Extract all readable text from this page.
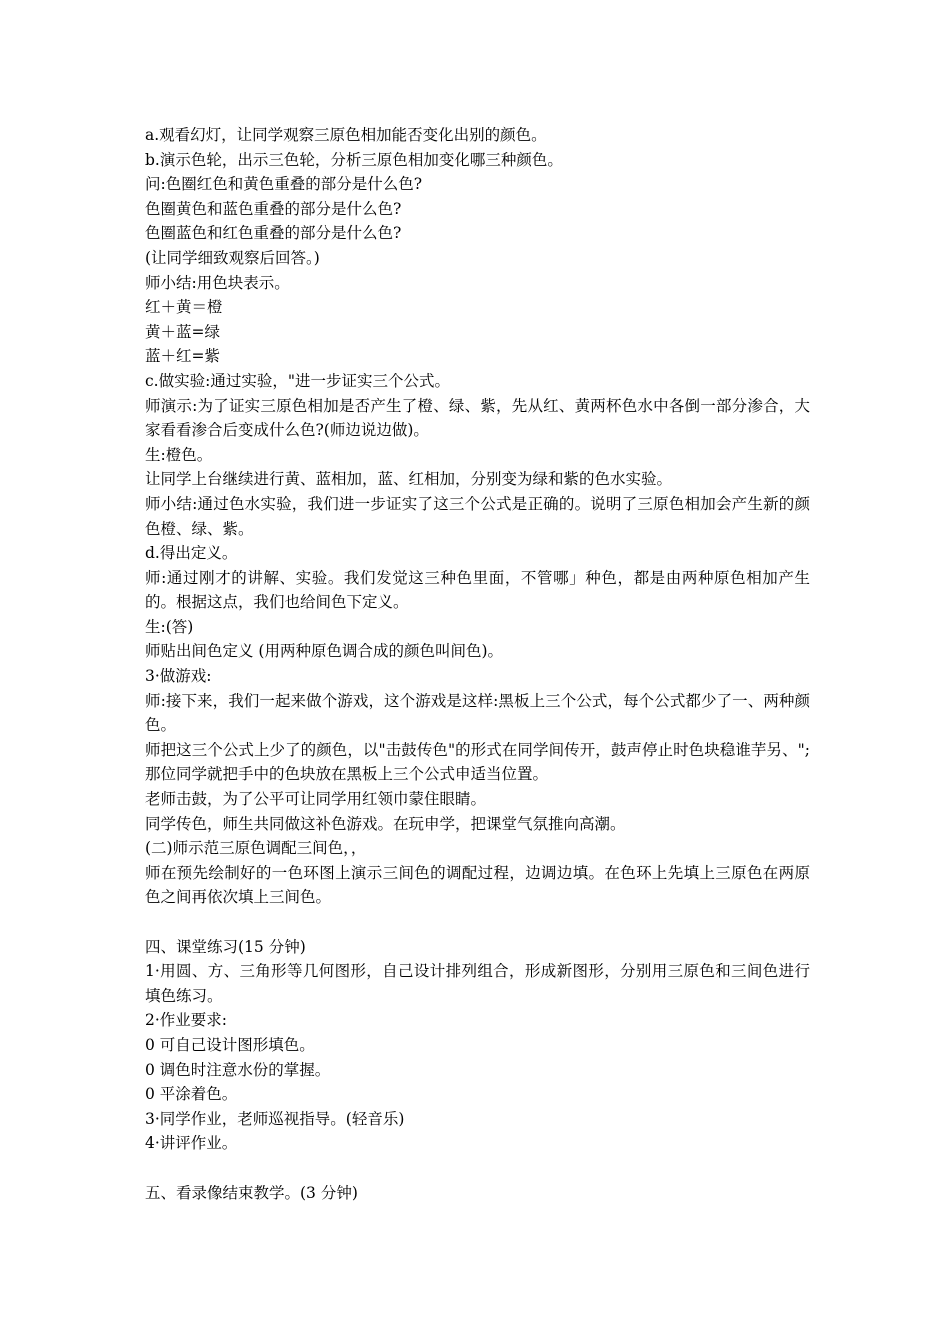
a.观看幻灯，让同学观察三原色相加能否变化出别的颜色。

b.演示色轮，出示三色轮，分析三原色相加变化哪三种颜色。

问:色圈红色和黄色重叠的部分是什么色?

色圈黄色和蓝色重叠的部分是什么色?

色圈蓝色和红色重叠的部分是什么色?

(让同学细致观察后回答。)

师小结:用色块表示。

红＋黄＝橙

黄＋蓝=绿

蓝＋红=紫

c.做实验:通过实验，"进一步证实三个公式。

师演示:为了证实三原色相加是否产生了橙、绿、紫，先从红、黄两杯色水中各倒一部分渗合，大家看看渗合后变成什么色?(师边说边做)。

生:橙色。

让同学上台继续进行黄、蓝相加，蓝、红相加，分别变为绿和紫的色水实验。

师小结:通过色水实验，我们进一步证实了这三个公式是正确的。说明了三原色相加会产生新的颜色橙、绿、紫。

d.得出定义。

师:通过刚才的讲解、实验。我们发觉这三种色里面，不管哪」种色，都是由两种原色相加产生的。根据这点，我们也给间色下定义。

生:(答)

师贴出间色定义 (用两种原色调合成的颜色叫间色)。

3·做游戏:

师:接下来，我们一起来做个游戏，这个游戏是这样:黑板上三个公式，每个公式都少了一、两种颜色。

师把这三个公式上少了的颜色，以"击鼓传色"的形式在同学间传开，鼓声停止时色块稳谁芋另、";那位同学就把手中的色块放在黑板上三个公式申适当位置。

老师击鼓，为了公平可让同学用红领巾蒙住眼睛。

同学传色，师生共同做这补色游戏。在玩申学，把课堂气氛推向高潮。

(二)师示范三原色调配三间色，，

师在预先绘制好的一色环图上演示三间色的调配过程，边调边填。在色环上先填上三原色在两原色之间再依次填上三间色。

四、课堂练习(15 分钟)

1·用圆、方、三角形等几何图形，自己设计排列组合，形成新图形，分别用三原色和三间色进行填色练习。

2·作业要求:

0 可自己设计图形填色。

0 调色时注意水份的掌握。

0 平涂着色。

3·同学作业，老师巡视指导。(轻音乐)

4·讲评作业。

五、看录像结束教学。(3 分钟)
